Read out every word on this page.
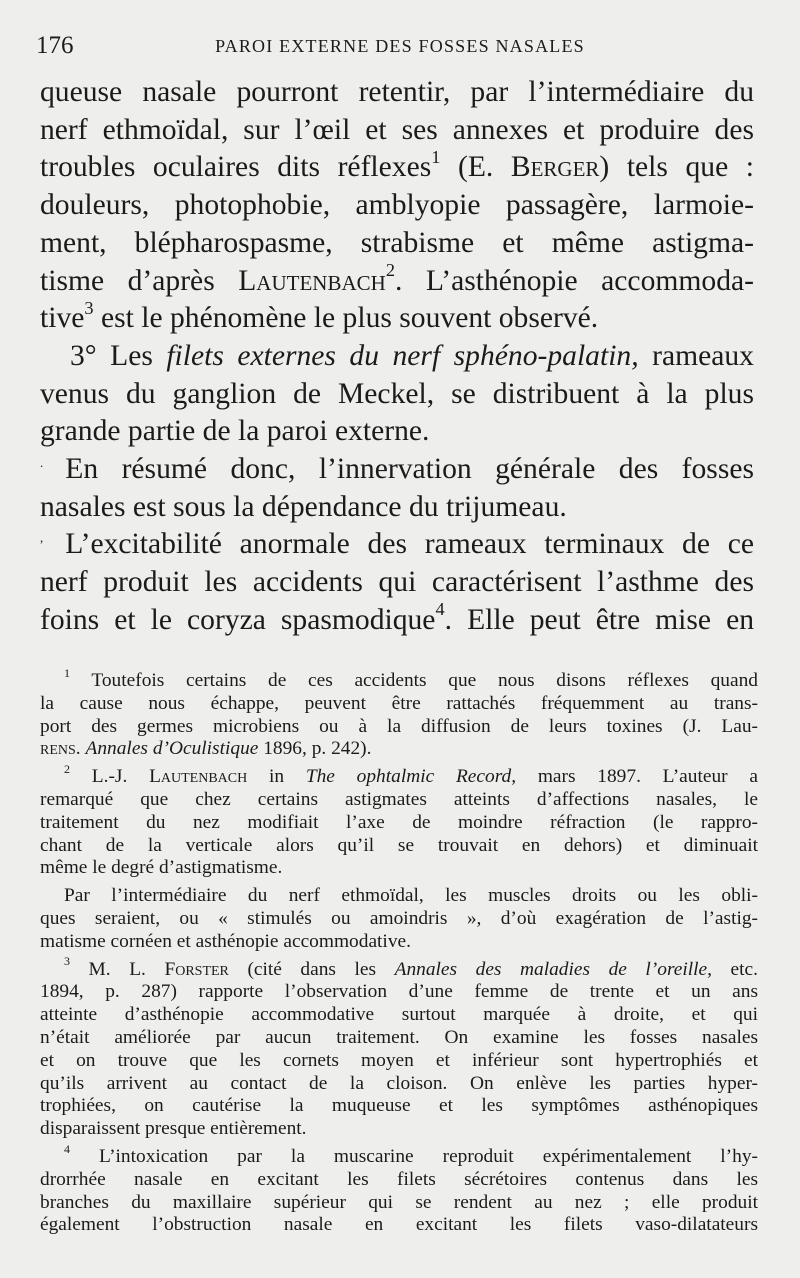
176	PAROI EXTERNE DES FOSSES NASALES
queuse nasale pourront retentir, par l’intermédiaire du
nerf ethmoïdal, sur l’œil et ses annexes et produire des
troubles oculaires dits réflexes$^1$ (E. Berger) tels que :
douleurs, photophobie, amblyopie passagère, larmoie-
ment, blépharospasme, strabisme et même astigma-
tisme d’après Lautenbach$^2$. L’asthénopie accommoda-
tive$^3$ est le phénomène le plus souvent observé.
3° Les filets externes du nerf sphéno-palatin, rameaux
venus du ganglion de Meckel, se distribuent à la plus
grande partie de la paroi externe.
. En résumé donc, l’innervation générale des fosses
nasales est sous la dépendance du trijumeau.
, L’excitabilité anormale des rameaux terminaux de ce
nerf produit les accidents qui caractérisent l’asthme des
foins et le coryza spasmodique$^4$. Elle peut être mise en
$^1$ Toutefois certains de ces accidents que nous disons réflexes quand
la cause nous échappe, peuvent être rattachés fréquemment au trans-
port des germes microbiens ou à la diffusion de leurs toxines (J. Lau-
rens. Annales d’Oculistique 1896, p. 242).
$^2$ L.-J. Lautenbach in The ophtalmic Record, mars 1897. L’auteur a
remarqué que chez certains astigmates atteints d’affections nasales, le
traitement du nez modifiait l’axe de moindre réfraction (le rappro-
chant de la verticale alors qu’il se trouvait en dehors) et diminuait
même le degré d’astigmatisme.
Par l’intermédiaire du nerf ethmoïdal, les muscles droits ou les obli-
ques seraient, ou « stimulés ou amoindris », d’où exagération de l’astig-
matisme cornéen et asthénopie accommodative.
$^3$ M. L. Forster (cité dans les Annales des maladies de l’oreille, etc.
1894, p. 287) rapporte l’observation d’une femme de trente et un ans
atteinte d’asthénopie accommodative surtout marquée à droite, et qui
n’était améliorée par aucun traitement. On examine les fosses nasales
et on trouve que les cornets moyen et inférieur sont hypertrophiés et
qu’ils arrivent au contact de la cloison. On enlève les parties hyper-
trophiées, on cautérise la muqueuse et les symptômes asthénopiques
disparaissent presque entièrement.
$^4$ L’intoxication par la muscarine reproduit expérimentalement l’hy-
drorrhée nasale en excitant les filets sécrétoires contenus dans les
branches du maxillaire supérieur qui se rendent au nez ; elle produit
également l’obstruction nasale en excitant les filets vaso-dilatateurs
